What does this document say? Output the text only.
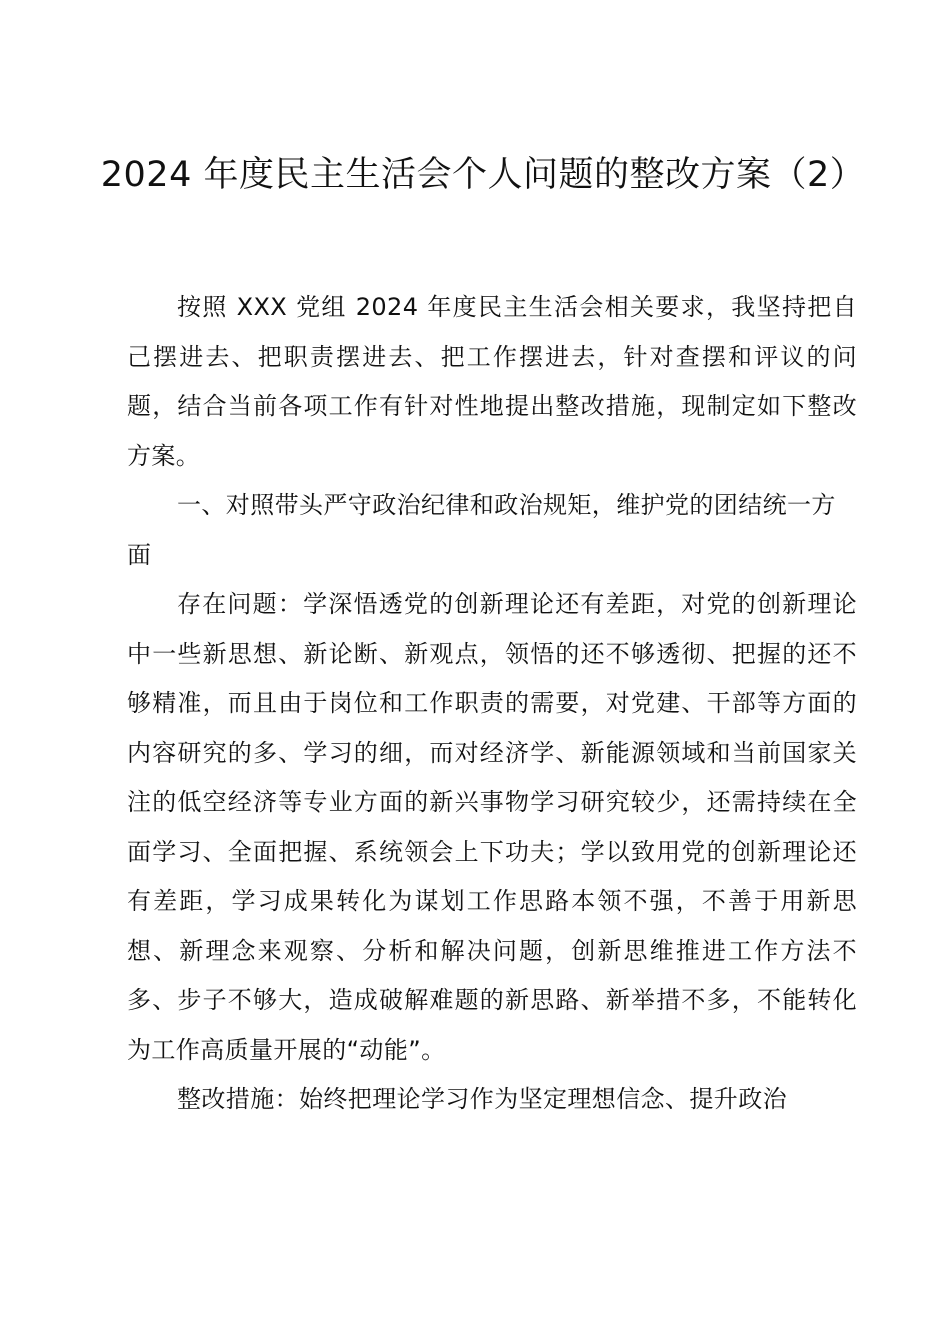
2024 年度民主生活会个人问题的整改方案（2）

按照 XXX 党组 2024 年度民主生活会相关要求，我坚持把自己摆进去、把职责摆进去、把工作摆进去，针对查摆和评议的问题，结合当前各项工作有针对性地提出整改措施，现制定如下整改方案。

一、对照带头严守政治纪律和政治规矩，维护党的团结统一方面

存在问题：学深悟透党的创新理论还有差距，对党的创新理论中一些新思想、新论断、新观点，领悟的还不够透彻、把握的还不够精准，而且由于岗位和工作职责的需要，对党建、干部等方面的内容研究的多、学习的细，而对经济学、新能源领域和当前国家关注的低空经济等专业方面的新兴事物学习研究较少，还需持续在全面学习、全面把握、系统领会上下功夫；学以致用党的创新理论还有差距，学习成果转化为谋划工作思路本领不强，不善于用新思想、新理念来观察、分析和解决问题，创新思维推进工作方法不多、步子不够大，造成破解难题的新思路、新举措不多，不能转化为工作高质量开展的“动能”。

整改措施：始终把理论学习作为坚定理想信念、提升政治
